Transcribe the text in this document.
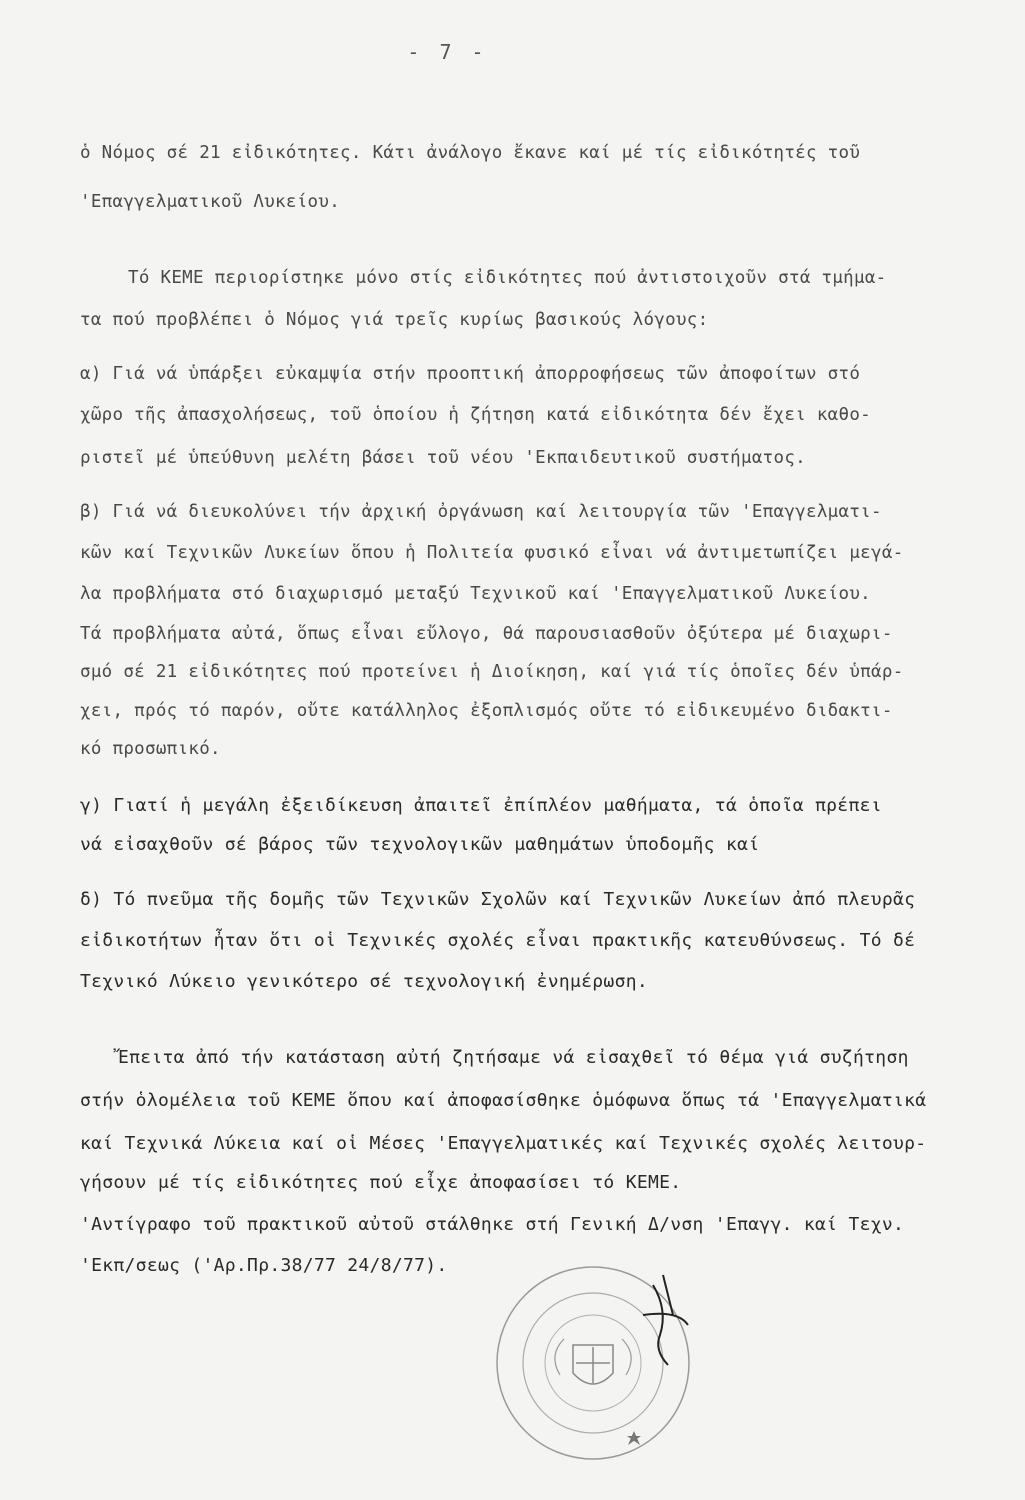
- 7 -
ὁ Νόμος σέ 21 εἰδικότητες. Κάτι ἀνάλογο ἔκανε καί μέ τίς εἰδικότητές τοῦ
'Επαγγελματικοῦ Λυκείου.
Τό ΚΕΜΕ περιορίστηκε μόνο στίς εἰδικότητες πού ἀντιστοιχοῦν στά τμήμα-
τα πού προβλέπει ὁ Νόμος γιά τρεῖς κυρίως βασικούς λόγους:
α) Γιά νά ὑπάρξει εὐκαμψία στήν προοπτική ἀπορροφήσεως τῶν ἀποφοίτων στό
χῶρο τῆς ἀπασχολήσεως, τοῦ ὁποίου ἡ ζήτηση κατά εἰδικότητα δέν ἔχει καθο-
ριστεῖ μέ ὑπεύθυνη μελέτη βάσει τοῦ νέου 'Εκπαιδευτικοῦ συστήματος.
β) Γιά νά διευκολύνει τήν ἀρχική ὀργάνωση καί λειτουργία τῶν 'Επαγγελματι-
κῶν καί Τεχνικῶν Λυκείων ὅπου ἡ Πολιτεία φυσικό εἶναι νά ἀντιμετωπίζει μεγά-
λα προβλήματα στό διαχωρισμό μεταξύ Τεχνικοῦ καί 'Επαγγελματικοῦ Λυκείου.
Τά προβλήματα αὐτά, ὅπως εἶναι εὔλογο, θά παρουσιασθοῦν ὀξύτερα μέ διαχωρι-
σμό σέ 21 εἰδικότητες πού προτείνει ἡ Διοίκηση, καί γιά τίς ὁποῖες δέν ὑπάρ-
χει, πρός τό παρόν, οὔτε κατάλληλος ἐξοπλισμός οὔτε τό εἰδικευμένο διδακτι-
κό προσωπικό.
γ) Γιατί ἡ μεγάλη ἐξειδίκευση ἀπαιτεῖ ἐπίπλέον μαθήματα, τά ὁποῖα πρέπει
νά εἰσαχθοῦν σέ βάρος τῶν τεχνολογικῶν μαθημάτων ὑποδομῆς καί
δ) Τό πνεῦμα τῆς δομῆς τῶν Τεχνικῶν Σχολῶν καί Τεχνικῶν Λυκείων ἀπό πλευρᾶς
εἰδικοτήτων ἦταν ὅτι οἱ Τεχνικές σχολές εἶναι πρακτικῆς κατευθύνσεως. Τό δέ
Τεχνικό Λύκειο γενικότερο σέ τεχνολογική ἐνημέρωση.
Ἔπειτα ἀπό τήν κατάσταση αὐτή ζητήσαμε νά εἰσαχθεῖ τό θέμα γιά συζήτηση
στήν ὁλομέλεια τοῦ ΚΕΜΕ ὅπου καί ἀποφασίσθηκε ὁμόφωνα ὅπως τά 'Επαγγελματικά
καί Τεχνικά Λύκεια καί οἱ Μέσες 'Επαγγελματικές καί Τεχνικές σχολές λειτουρ-
γήσουν μέ τίς εἰδικότητες πού εἶχε ἀποφασίσει τό ΚΕΜΕ.
'Αντίγραφο τοῦ πρακτικοῦ αὐτοῦ στάλθηκε στή Γενική Δ/νση 'Επαγγ. καί Τεχν.
'Εκπ/σεως ('Αρ.Πρ.38/77 24/8/77).
